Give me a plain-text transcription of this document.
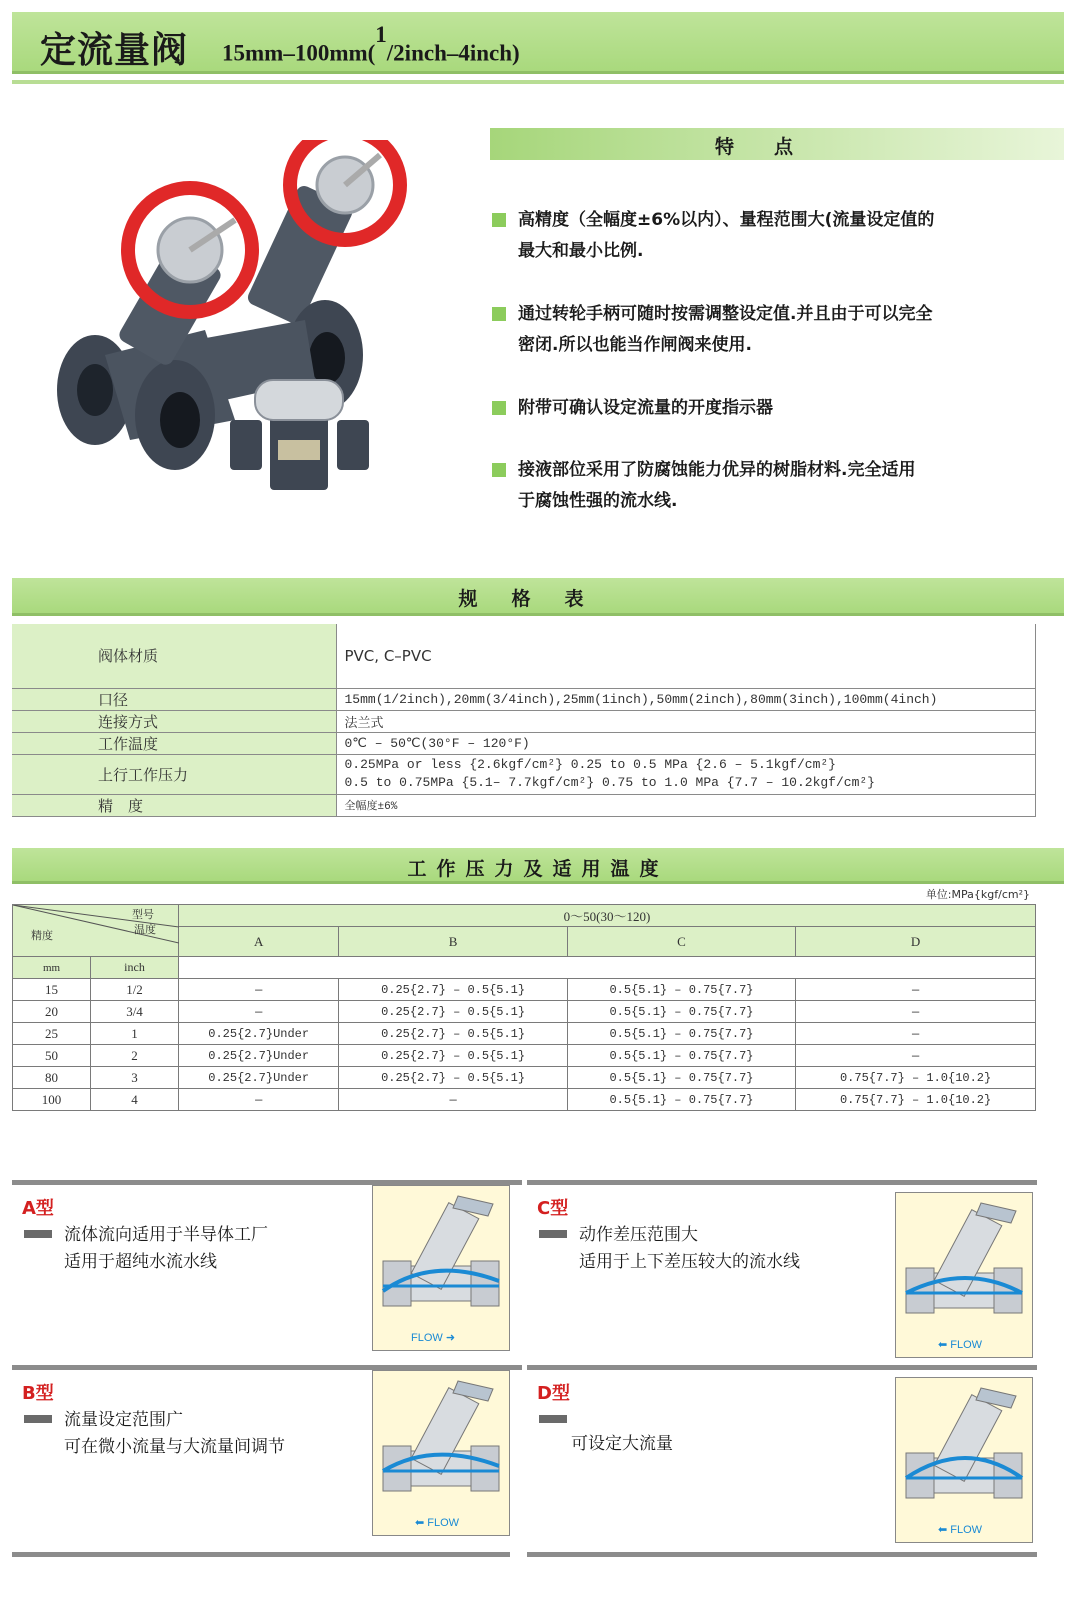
定流量阀 15mm–100mm($^1$/2inch–4inch)
特点
高精度（全幅度±6%以内）、量程范围大(流量设定值的
最大和最小比例.
通过转轮手柄可随时按需调整设定值.并且由于可以完全
密闭.所以也能当作闸阀来使用.
附带可确认设定流量的开度指示器
接液部位采用了防腐蚀能力优异的树脂材料.完全适用
于腐蚀性强的流水线.
规格表
阀体材质	PVC, C–PVC
口径	15mm(1/2inch),20mm(3/4inch),25mm(1inch),50mm(2inch),80mm(3inch),100mm(4inch)
连接方式	法兰式
工作温度	0℃ – 50℃(30°F – 120°F)
上行工作压力	0.25MPa or less {2.6kgf/cm²} 0.25 to 0.5 MPa {2.6 – 5.1kgf/cm²}
0.5 to 0.75MPa {5.1– 7.7kgf/cm²} 0.75 to 1.0 MPa {7.7 – 10.2kgf/cm²}

精　度	全幅度±6%
工作压力及适用温度
单位:MPa{kgf/cm²}
型号
温度
精度		0～50(30～120)			
		A	B	C	D
mm	inch				
15	1/2	—	0.25{2.7} – 0.5{5.1}	0.5{5.1} – 0.75{7.7}	—
20	3/4	—	0.25{2.7} – 0.5{5.1}	0.5{5.1} – 0.75{7.7}	—
25	1	0.25{2.7}Under	0.25{2.7} – 0.5{5.1}	0.5{5.1} – 0.75{7.7}	—
50	2	0.25{2.7}Under	0.25{2.7} – 0.5{5.1}	0.5{5.1} – 0.75{7.7}	—
80	3	0.25{2.7}Under	0.25{2.7} – 0.5{5.1}	0.5{5.1} – 0.75{7.7}	0.75{7.7} – 1.0{10.2}
100	4	—	—	0.5{5.1} – 0.75{7.7}	0.75{7.7} – 1.0{10.2}
A型
流体流向适用于半导体工厂
适用于超纯水流水线
FLOW ➜
C型
动作差压范围大
适用于上下差压较大的流水线
⬅ FLOW
B型
流量设定范围广
可在微小流量与大流量间调节
⬅ FLOW
D型
可设定大流量
⬅ FLOW
